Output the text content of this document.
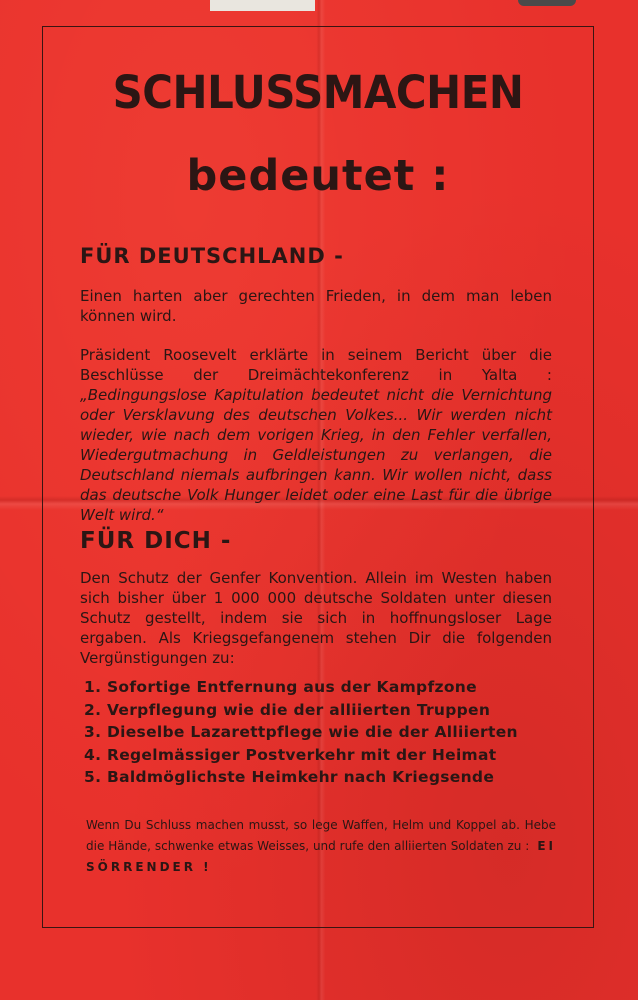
SCHLUSSMACHEN
bedeutet :
FÜR DEUTSCHLAND -
Einen harten aber gerechten Frieden, in dem man leben können wird.
Präsident Roosevelt erklärte in seinem Bericht über die Beschlüsse der Dreimächtekonferenz in Yalta : „Bedingungslose Kapitulation bedeutet nicht die Vernichtung oder Versklavung des deutschen Volkes... Wir werden nicht wieder, wie nach dem vorigen Krieg, in den Fehler verfallen, Wiedergutmachung in Geldleistungen zu verlangen, die Deutschland niemals aufbringen kann. Wir wollen nicht, dass das deutsche Volk Hunger leidet oder eine Last für die übrige Welt wird.“
FÜR DICH -
Den Schutz der Genfer Konvention. Allein im Westen haben sich bisher über 1 000 000 deutsche Soldaten unter diesen Schutz gestellt, indem sie sich in hoffnungsloser Lage ergaben. Als Kriegsgefangenem stehen Dir die folgenden Vergünstigungen zu:
1. Sofortige Entfernung aus der Kampfzone
2. Verpflegung wie die der alliierten Truppen
3. Dieselbe Lazarettpflege wie die der Alliierten
4. Regelmässiger Postverkehr mit der Heimat
5. Baldmöglichste Heimkehr nach Kriegsende
Wenn Du Schluss machen musst, so lege Waffen, Helm und Koppel ab. Hebe die Hände, schwenke etwas Weisses, und rufe den alliierten Soldaten zu : EI SÖRRENDER !
